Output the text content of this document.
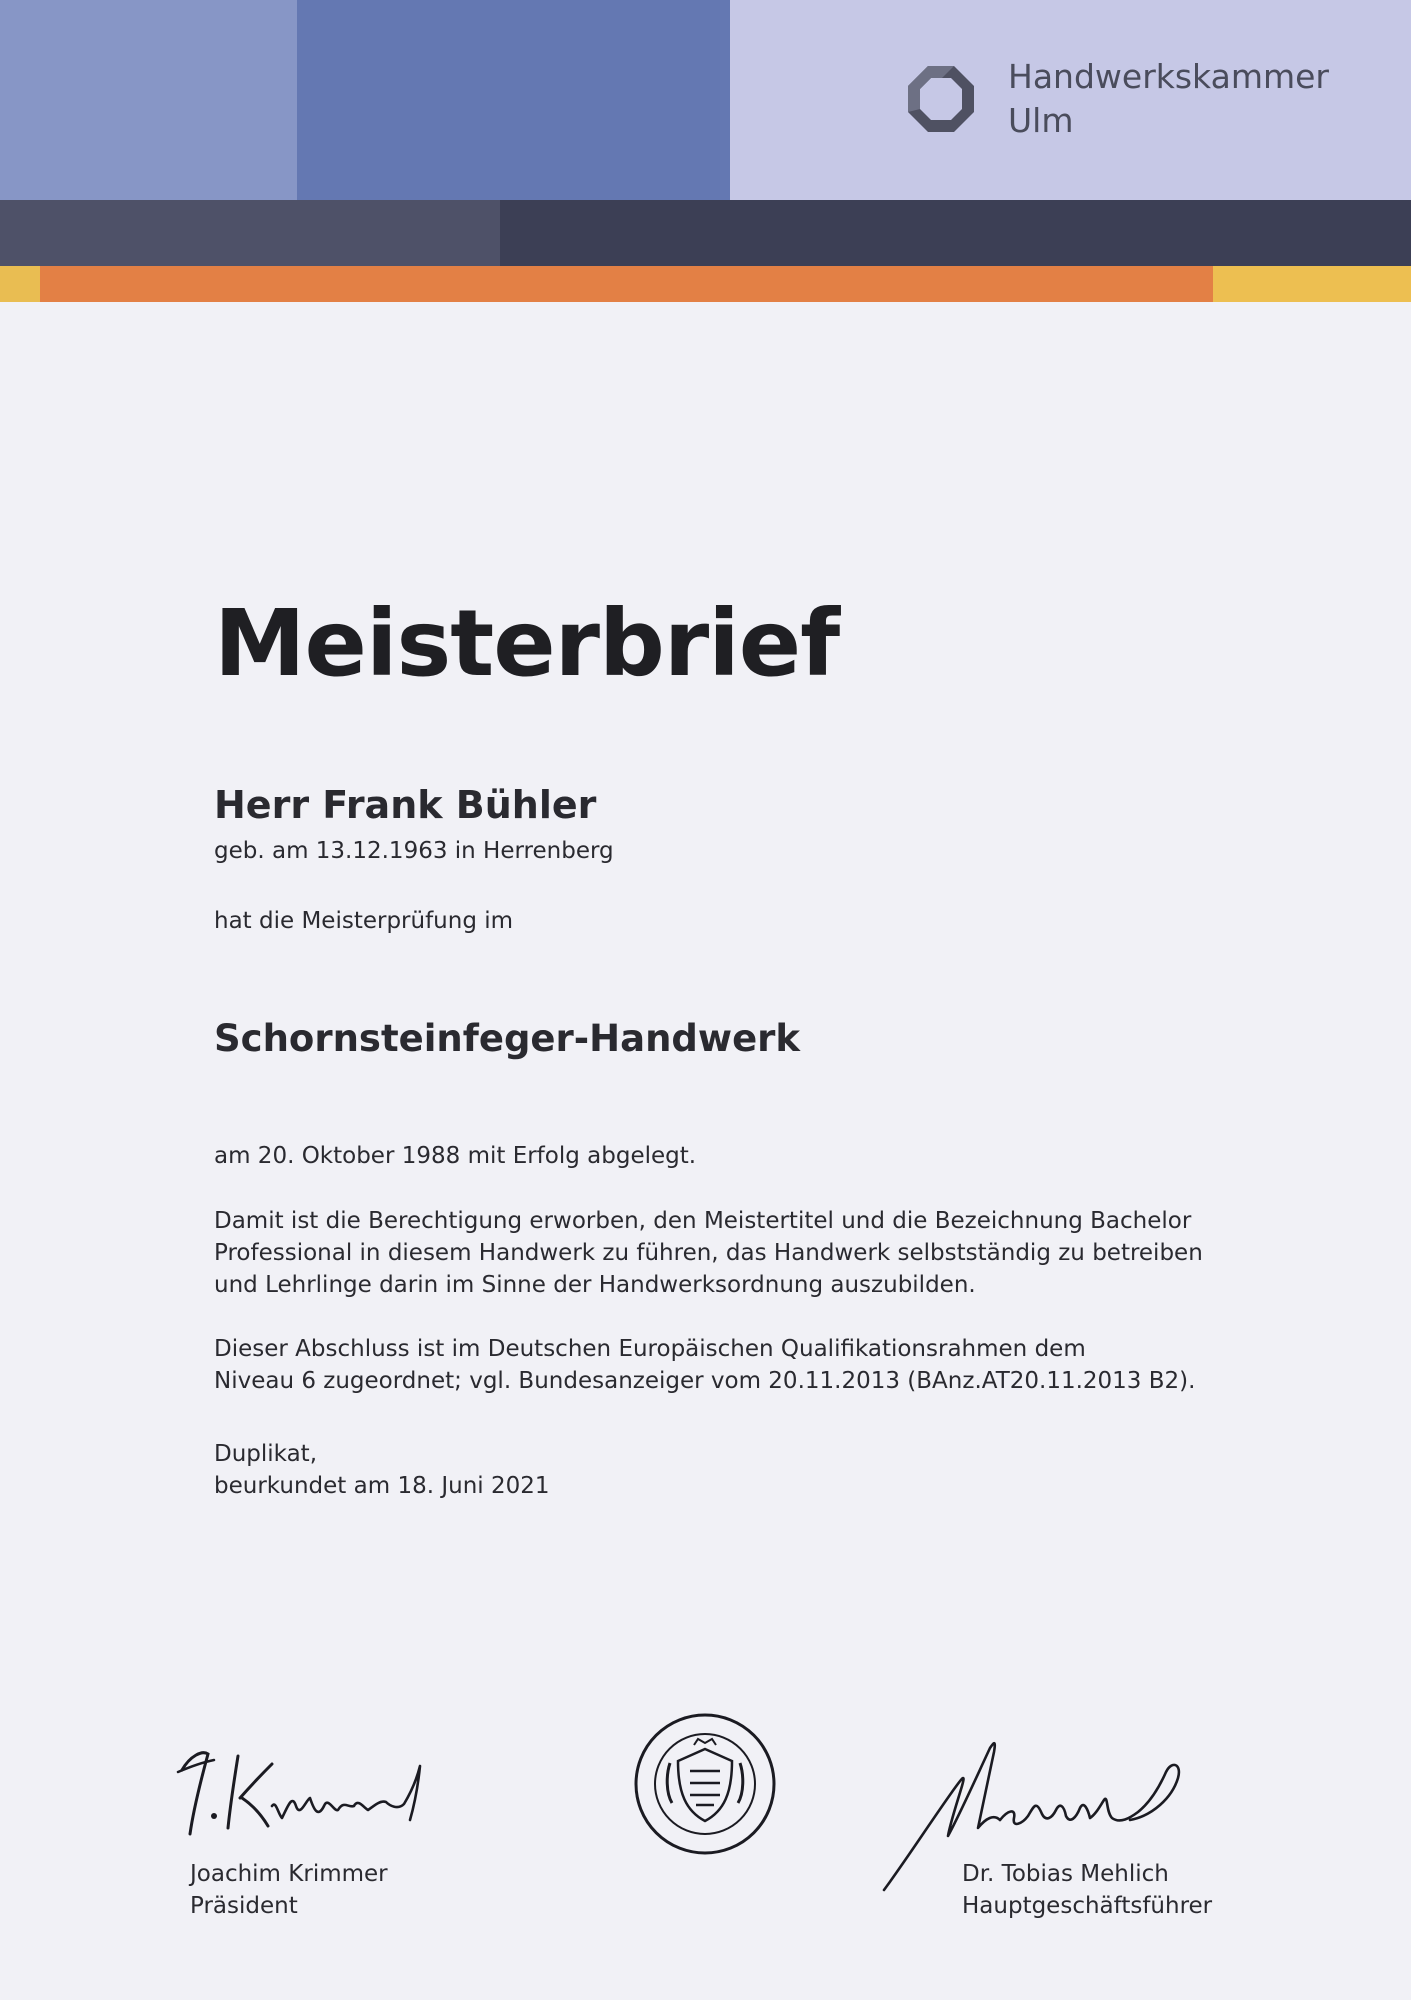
Handwerkskammer
Ulm
Meisterbrief
Herr Frank Bühler
geb. am 13.12.1963 in Herrenberg
hat die Meisterprüfung im
Schornsteinfeger-Handwerk
am 20. Oktober 1988 mit Erfolg abgelegt.
Damit ist die Berechtigung erworben, den Meistertitel und die Bezeichnung Bachelor
Professional in diesem Handwerk zu führen, das Handwerk selbstständig zu betreiben
und Lehrlinge darin im Sinne der Handwerksordnung auszubilden.
Dieser Abschluss ist im Deutschen Europäischen Qualifikationsrahmen dem
Niveau 6 zugeordnet; vgl. Bundesanzeiger vom 20.11.2013 (BAnz.AT20.11.2013 B2).
Duplikat,
beurkundet am 18. Juni 2021
Joachim Krimmer
Präsident
Dr. Tobias Mehlich
Hauptgeschäftsführer
